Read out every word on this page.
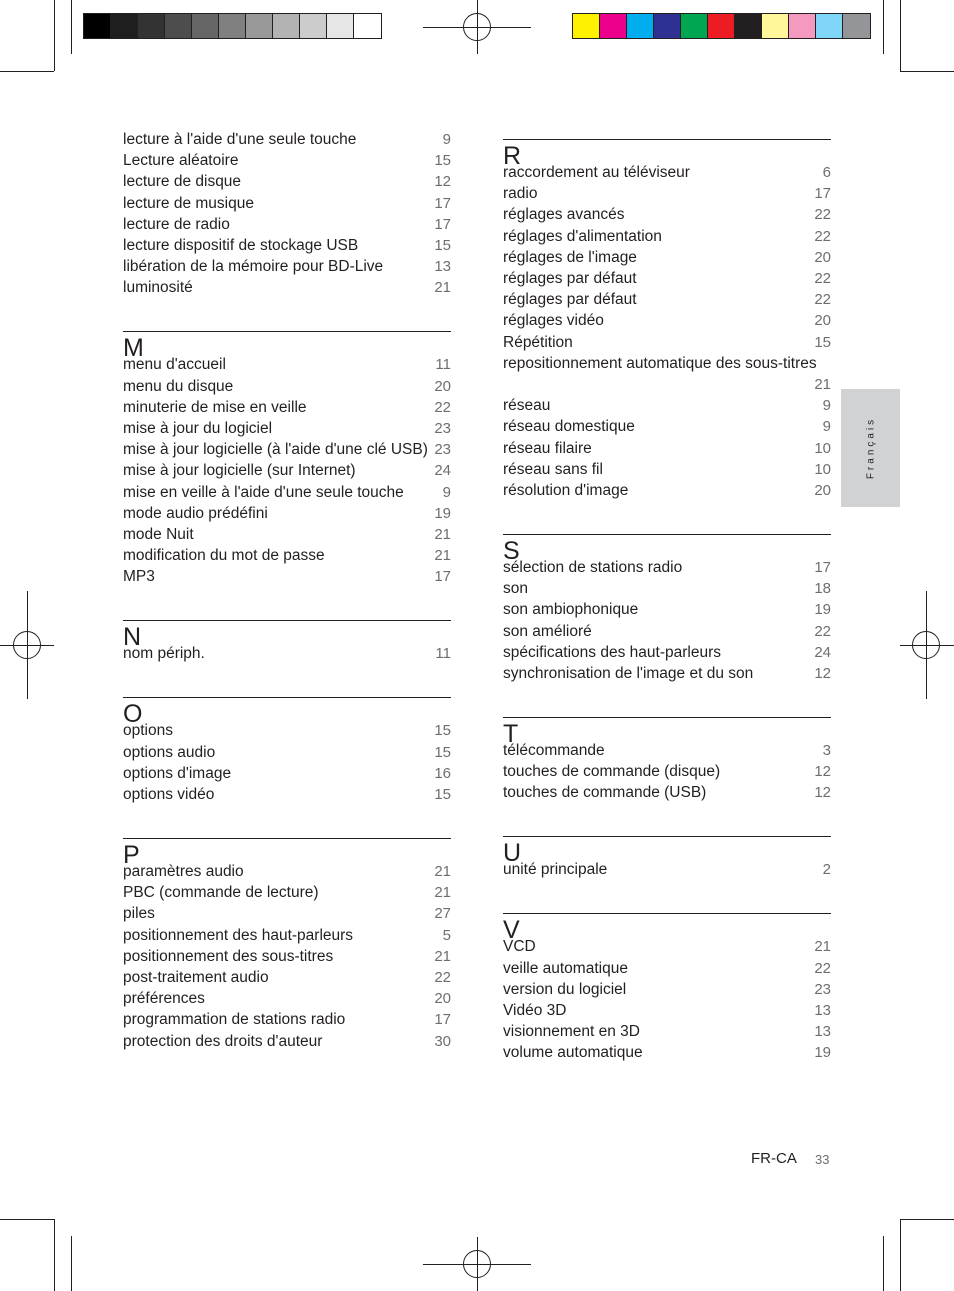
lecture à l'aide d'une seule touche	9
Lecture aléatoire	15
lecture de disque	12
lecture de musique	17
lecture de radio	17
lecture dispositif de stockage USB	15
libération de la mémoire pour BD-Live	13
luminosité	21
M
menu d'accueil	11
menu du disque	20
minuterie de mise en veille	22
mise à jour du logiciel	23
mise à jour logicielle (à l'aide d'une clé USB) 23
mise à jour logicielle (sur Internet)	24
mise en veille à l'aide d'une seule touche	9
mode audio prédéfini	19
mode Nuit	21
modification du mot de passe	21
MP3	17
N
nom périph.	11
O
options	15
options audio	15
options d'image	16
options vidéo	15
P
paramètres audio	21
PBC (commande de lecture)	21
piles	27
positionnement des haut-parleurs	5
positionnement des sous-titres	21
post-traitement audio	22
préférences	20
programmation de stations radio	17
protection des droits d'auteur	30
R
raccordement au téléviseur	6
radio	17
réglages avancés	22
réglages d'alimentation	22
réglages de l'image	20
réglages par défaut	22
réglages par défaut	22
réglages vidéo	20
Répétition	15
repositionnement automatique des sous-titres
21
réseau	9
réseau domestique	9
réseau filaire	10
réseau sans fil	10
résolution d'image	20
S
sélection de stations radio	17
son	18
son ambiophonique	19
son amélioré	22
spécifications des haut-parleurs	24
synchronisation de l'image et du son	12
T
télécommande	3
touches de commande (disque)	12
touches de commande (USB)	12
U
unité principale	2
V
VCD	21
veille automatique	22
version du logiciel	23
Vidéo 3D	13
visionnement en 3D	13
volume automatique	19
Français
FR-CA 33
